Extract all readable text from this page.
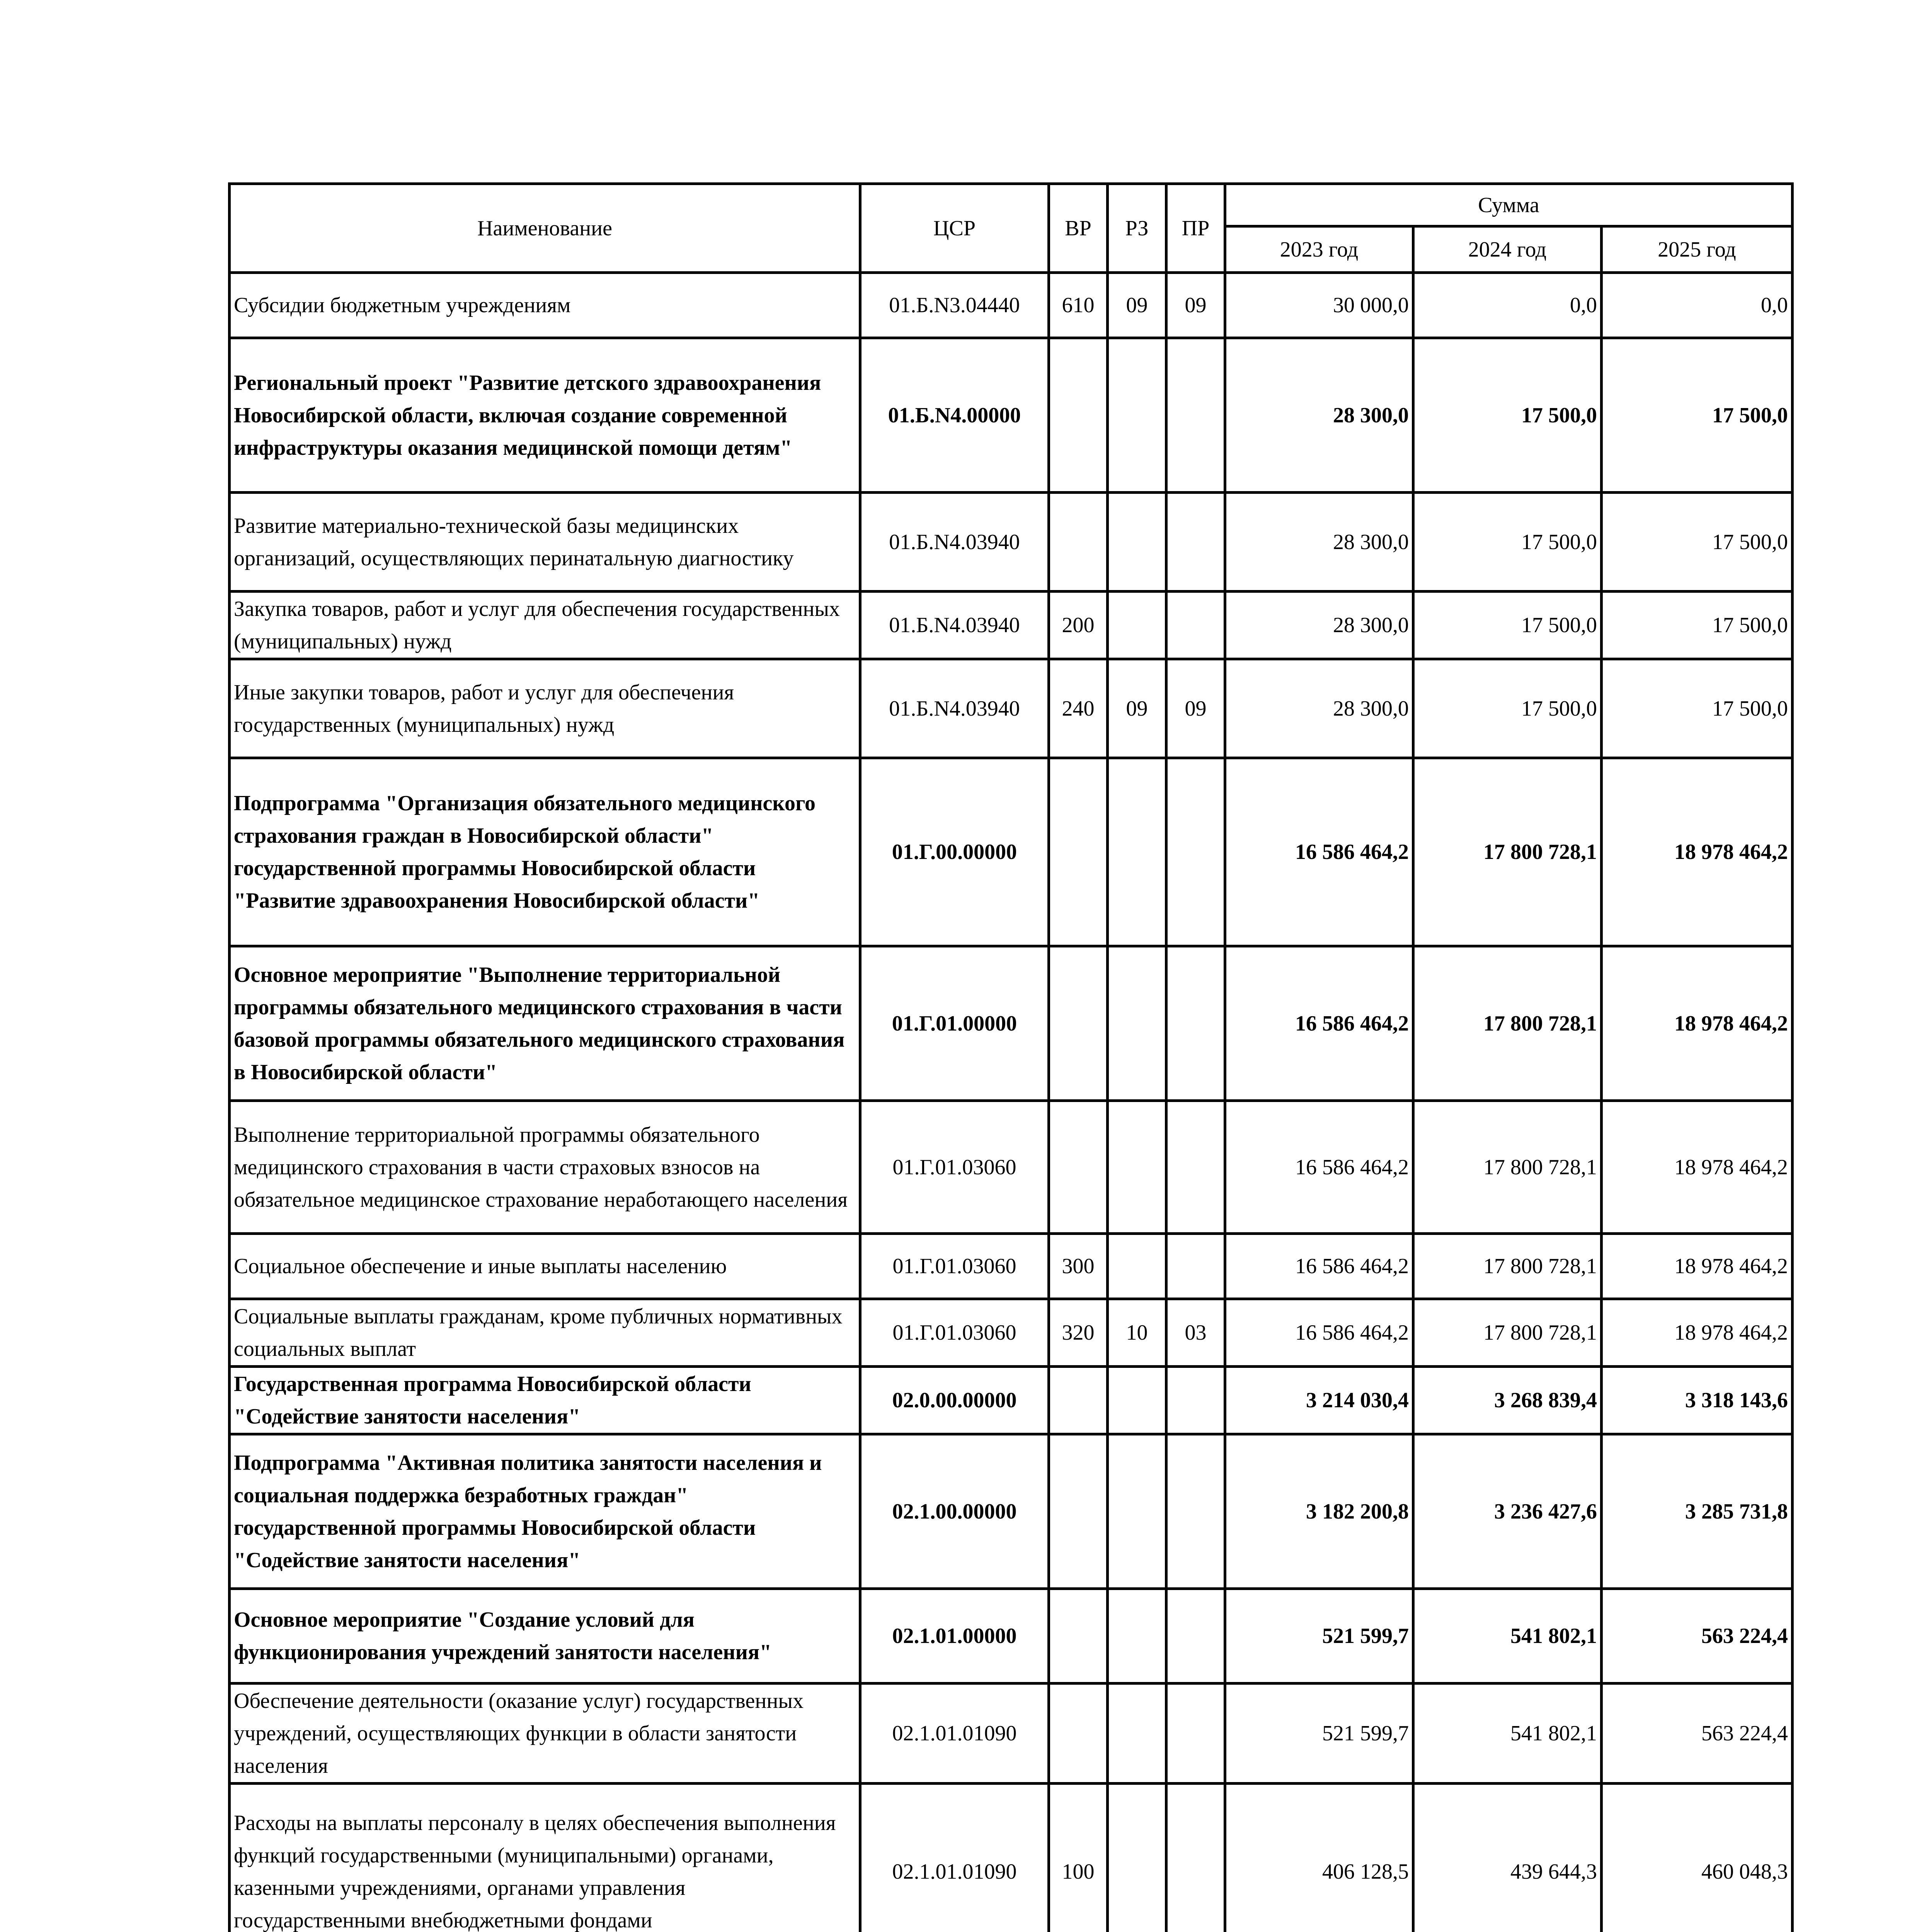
Наименование	ЦСР	ВР	РЗ	ПР	Сумма		
					2023 год	2024 год	2025 год
Субсидии бюджетным учреждениям	01.Б.N3.04440	610	09	09	30 000,0	0,0	0,0
Региональный проект "Развитие детского здравоохранения Новосибирской области, включая создание современной инфраструктуры оказания медицинской помощи детям"	01.Б.N4.00000				28 300,0	17 500,0	17 500,0
Развитие материально-технической базы медицинских организаций, осуществляющих перинатальную диагностику	01.Б.N4.03940				28 300,0	17 500,0	17 500,0
Закупка товаров, работ и услуг для обеспечения государственных (муниципальных) нужд	01.Б.N4.03940	200			28 300,0	17 500,0	17 500,0
Иные закупки товаров, работ и услуг для обеспечения государственных (муниципальных) нужд	01.Б.N4.03940	240	09	09	28 300,0	17 500,0	17 500,0
Подпрограмма "Организация обязательного медицинского страхования граждан в Новосибирской области" государственной программы Новосибирской области "Развитие здравоохранения Новосибирской области"	01.Г.00.00000				16 586 464,2	17 800 728,1	18 978 464,2
Основное мероприятие "Выполнение территориальной программы обязательного медицинского страхования в части базовой программы обязательного медицинского страхования в Новосибирской области"	01.Г.01.00000				16 586 464,2	17 800 728,1	18 978 464,2
Выполнение территориальной программы обязательного медицинского страхования в части страховых взносов на обязательное медицинское страхование неработающего населения	01.Г.01.03060				16 586 464,2	17 800 728,1	18 978 464,2
Социальное обеспечение и иные выплаты населению	01.Г.01.03060	300			16 586 464,2	17 800 728,1	18 978 464,2
Социальные выплаты гражданам, кроме публичных нормативных социальных выплат	01.Г.01.03060	320	10	03	16 586 464,2	17 800 728,1	18 978 464,2
Государственная программа Новосибирской области "Содействие занятости населения"	02.0.00.00000				3 214 030,4	3 268 839,4	3 318 143,6
Подпрограмма "Активная политика занятости населения и социальная поддержка безработных граждан" государственной программы Новосибирской области "Содействие занятости населения"	02.1.00.00000				3 182 200,8	3 236 427,6	3 285 731,8
Основное мероприятие "Создание условий для функционирования учреждений занятости населения"	02.1.01.00000				521 599,7	541 802,1	563 224,4
Обеспечение деятельности (оказание услуг) государственных учреждений, осуществляющих функции в области занятости населения	02.1.01.01090				521 599,7	541 802,1	563 224,4
Расходы на выплаты персоналу в целях обеспечения выполнения функций государственными (муниципальными) органами, казенными учреждениями, органами управления государственными внебюджетными фондами	02.1.01.01090	100			406 128,5	439 644,3	460 048,3
